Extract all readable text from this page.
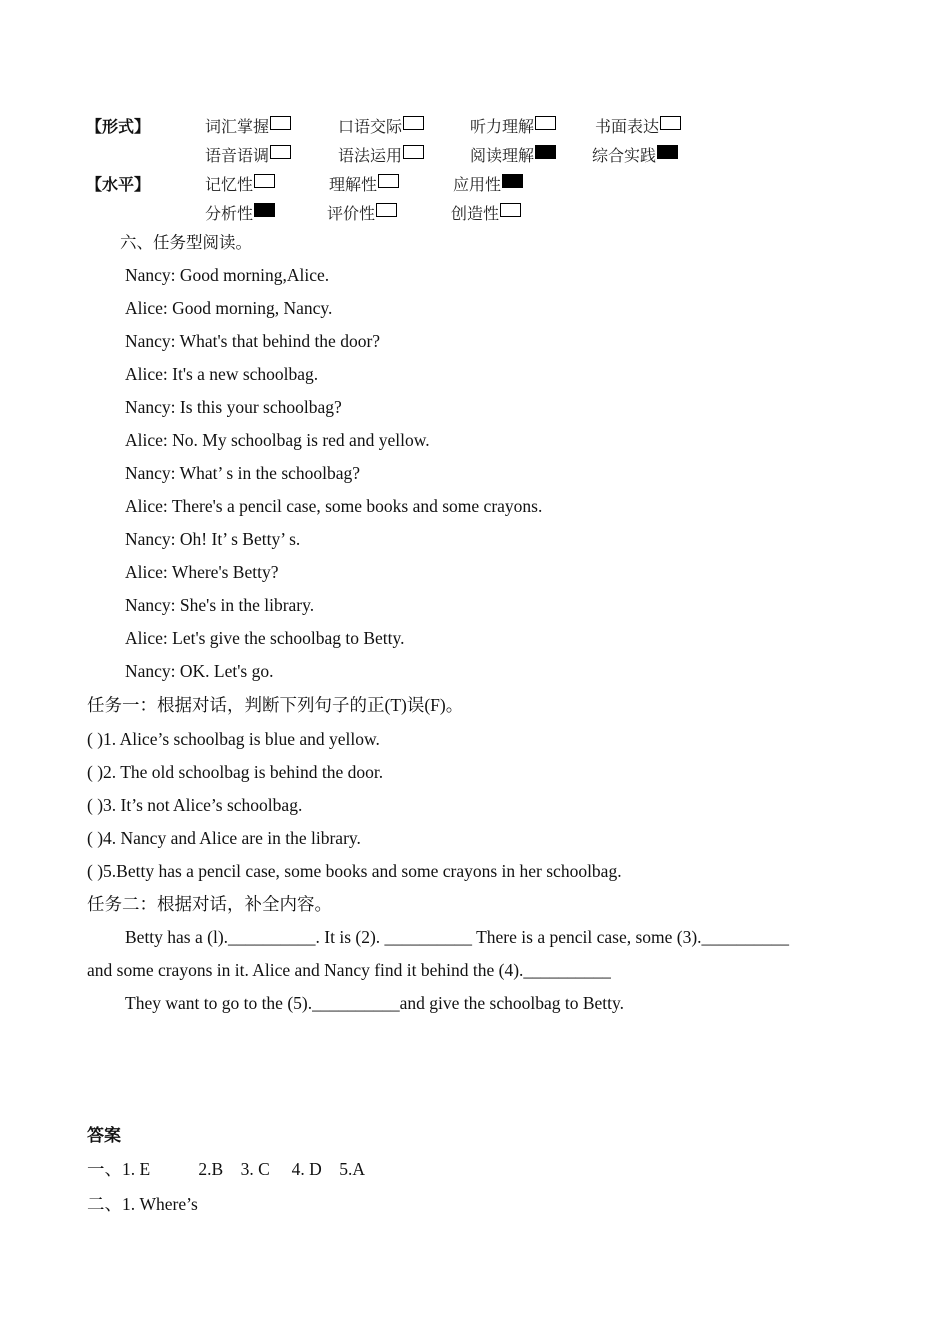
【形式】	词汇掌握	口语交际	听力理解	书面表达
语音语调	语法运用	阅读理解	综合实践
【水平】	记忆性	理解性	应用性
分析性	评价性	创造性
六、任务型阅读。
Nancy: Good morning,Alice.
Alice: Good morning, Nancy.
Nancy: What's that behind the door?
Alice: It's a new schoolbag.
Nancy: Is this your schoolbag?
Alice: No. My schoolbag is red and yellow.
Nancy: What’ s in the schoolbag?
Alice: There's a pencil case, some books and some crayons.
Nancy: Oh! It’ s Betty’ s.
Alice: Where's Betty?
Nancy: She's in the library.
Alice: Let's give the schoolbag to Betty.
Nancy: OK. Let's go.
任务一：根据对话，判断下列句子的正(T)误(F)。
( )1. Alice’s schoolbag is blue and yellow.
( )2. The old schoolbag is behind the door.
( )3. It’s not Alice’s schoolbag.
( )4. Nancy and Alice are in the library.
( )5.Betty has a pencil case, some books and some crayons in her schoolbag.
任务二：根据对话，补全内容。
Betty has a (l).__________. It is (2). __________ There is a pencil case, some (3).__________
and some crayons in it. Alice and Nancy find it behind the (4).__________
They want to go to the (5).__________and give the schoolbag to Betty.
答案
一、1. E           2.B    3. C     4. D    5.A
二、1. Where’s
